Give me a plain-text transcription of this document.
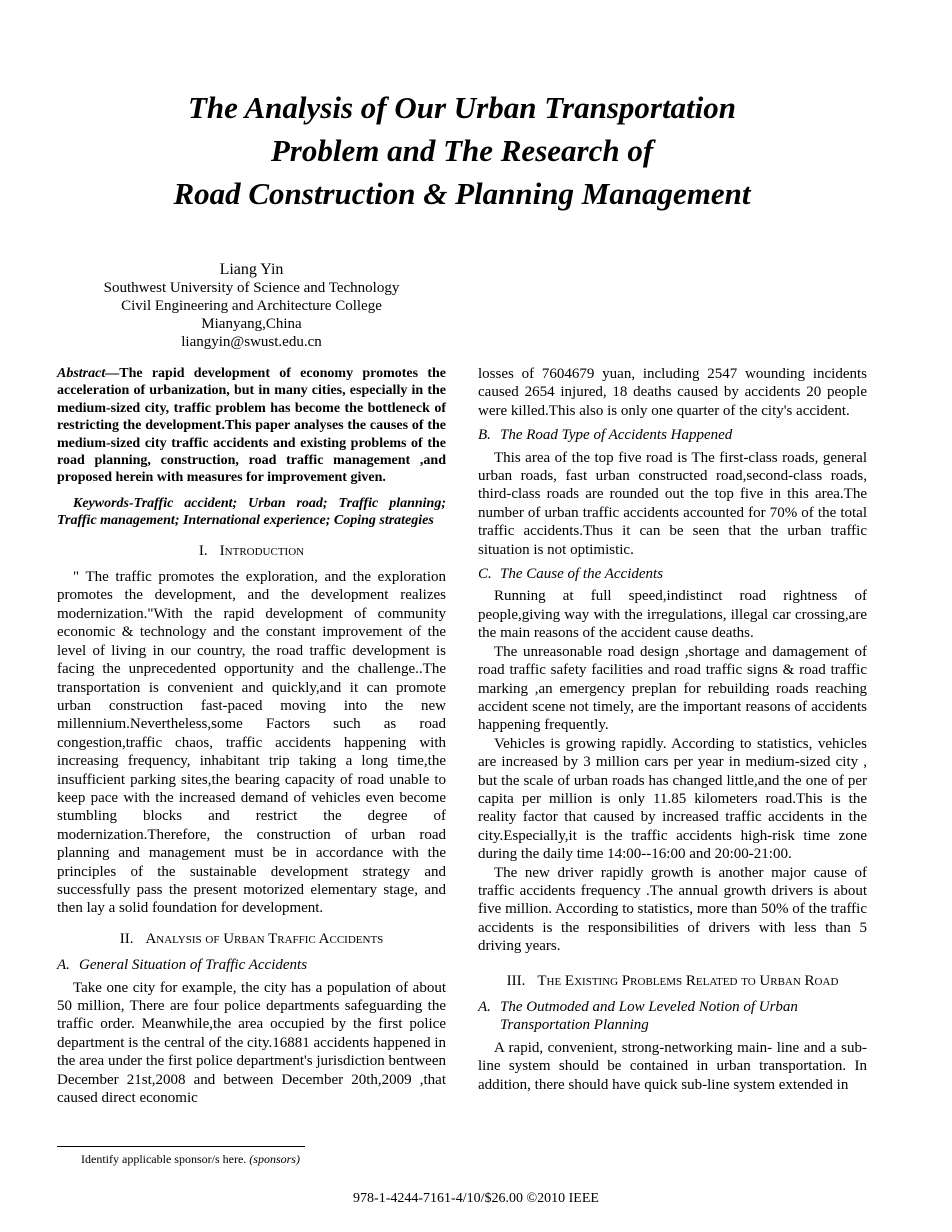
The Analysis of Our Urban Transportation
Problem and The Research of
Road Construction & Planning Management
Liang Yin
Southwest University of Science and Technology
Civil Engineering and Architecture College
Mianyang,China
liangyin@swust.edu.cn

Abstract—The rapid development of economy promotes the acceleration of urbanization, but in many cities, especially in the medium-sized city, traffic problem has become the bottleneck of restricting the development.This paper analyses the causes of the medium-sized city traffic accidents and existing problems of the road planning, construction, road traffic management ,and proposed herein with measures for improvement given.

Keywords-Traffic accident; Urban road; Traffic planning; Traffic management; International experience; Coping strategies

I. Introduction

" The traffic promotes the exploration, and the exploration promotes the development, and the development realizes modernization."With the rapid development of community economic & technology and the constant improvement of the level of living in our country, the road traffic development is facing the unprecedented opportunity and the challenge..The transportation is convenient and quickly,and it can promote urban construction fast-paced moving into the new millennium.Nevertheless,some Factors such as road congestion,traffic chaos, traffic accidents happening with increasing frequency, inhabitant trip taking a long time,the insufficient parking sites,the bearing capacity of road unable to keep pace with the increased demand of vehicles even become stumbling blocks and restrict the degree of modernization.Therefore, the construction of urban road planning and management must be in accordance with the principles of the sustainable development strategy and successfully pass the present motorized elementary stage, and then lay a solid foundation for development.

II. Analysis of Urban Traffic Accidents
A. General Situation of Traffic Accidents

Take one city for example, the city has a population of about 50 million, There are four police departments safeguarding the traffic order. Meanwhile,the area occupied by the first police department is the central of the city.16881 accidents happened in the area under the first police department's jurisdiction bentween December 21st,2008 and between December 20th,2009 ,that caused direct economic

losses of 7604679 yuan, including 2547 wounding incidents caused 2654 injured, 18 deaths caused by accidents 20 people were killed.This also is only one quarter of the city's accident.

B. The Road Type of Accidents Happened

This area of the top five road is The first-class roads, general urban roads, fast urban constructed road,second-class roads, third-class roads are rounded out the top five in this area.The number of urban traffic accidents accounted for 70% of the total traffic accidents.Thus it can be seen that the urban traffic situation is not optimistic.

C. The Cause of the Accidents

Running at full speed,indistinct road rightness of people,giving way with the irregulations, illegal car crossing,are the main reasons of the accident cause deaths.

The unreasonable road design ,shortage and damagement of road traffic safety facilities and road traffic signs & road traffic marking ,an emergency preplan for rebuilding roads reaching accident scene not timely, are the important reasons of accidents happening frequently.

Vehicles is growing rapidly. According to statistics, vehicles are increased by 3 million cars per year in medium-sized city , but the scale of urban roads has changed little,and the one of per capita per million is only 11.85 kilometers road.This is the reality factor that caused by increased traffic accidents in the city.Especially,it is the traffic accidents high-risk time zone during the daily time 14:00--16:00 and 20:00-21:00.

The new driver rapidly growth is another major cause of traffic accidents frequency .The annual growth drivers is about five million. According to statistics, more than 50% of the traffic accidents is the responsibilities of drivers with less than 5 driving years.

III. The Existing Problems Related to Urban Road
A. The Outmoded and Low Leveled Notion of Urban Transportation Planning

A rapid, convenient, strong-networking main- line and a sub-line system should be contained in urban transportation. In addition, there should have quick sub-line system extended in

Identify applicable sponsor/s here. (sponsors)
978-1-4244-7161-4/10/$26.00 ©2010 IEEE
